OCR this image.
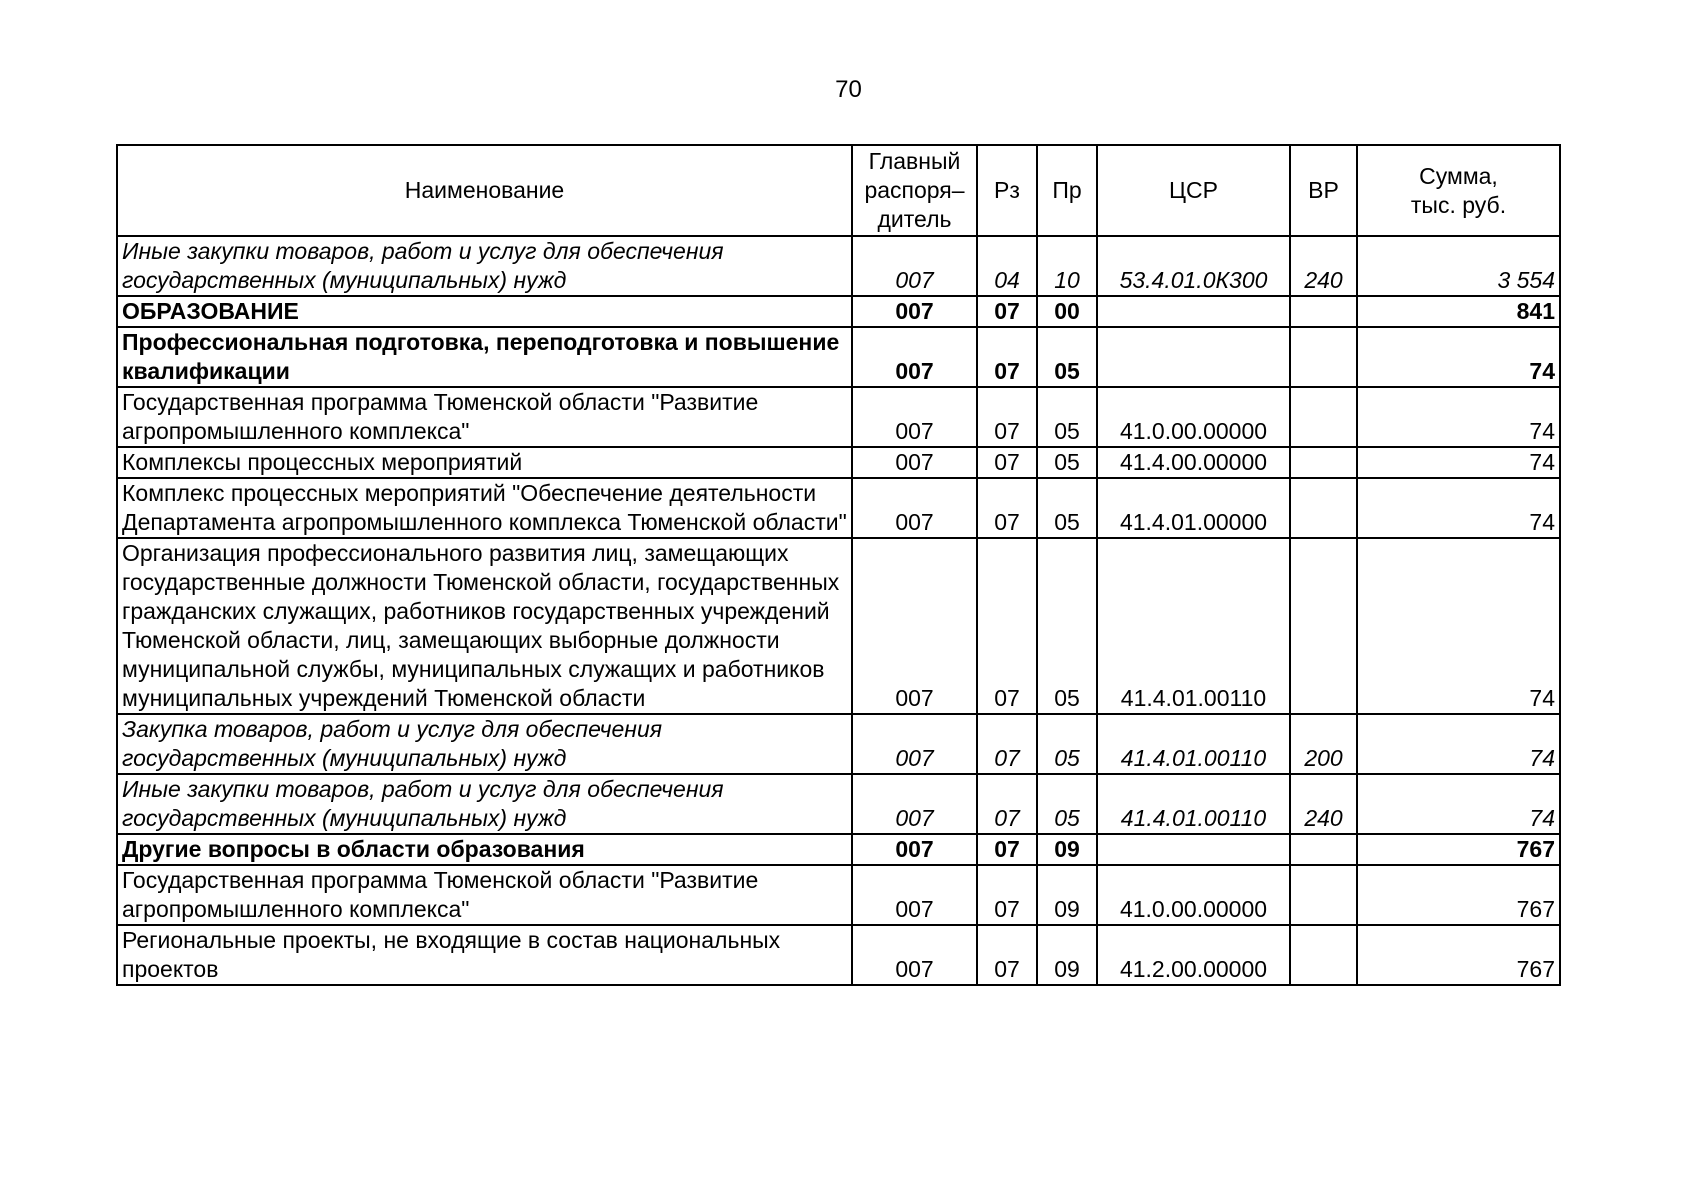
70
Наименование	Главный
распоря–
дитель	Рз	Пр	ЦСР	ВР	Сумма,
тыс. руб.
Иные закупки товаров, работ и услуг для обеспечения государственных (муниципальных) нужд	007	04	10	53.4.01.0К300	240	3 554
ОБРАЗОВАНИЕ	007	07	00			841
Профессиональная подготовка, переподготовка и повышение квалификации	007	07	05			74
Государственная программа Тюменской области "Развитие агропромышленного комплекса"	007	07	05	41.0.00.00000		74
Комплексы процессных мероприятий	007	07	05	41.4.00.00000		74
Комплекс процессных мероприятий "Обеспечение деятельности Департамента агропромышленного комплекса Тюменской области"	007	07	05	41.4.01.00000		74
Организация профессионального развития лиц, замещающих государственные должности Тюменской области, государственных гражданских служащих, работников государственных учреждений Тюменской области, лиц, замещающих выборные должности муниципальной службы, муниципальных служащих и работников муниципальных учреждений Тюменской области	007	07	05	41.4.01.00110		74
Закупка товаров, работ и услуг для обеспечения государственных (муниципальных) нужд	007	07	05	41.4.01.00110	200	74
Иные закупки товаров, работ и услуг для обеспечения государственных (муниципальных) нужд	007	07	05	41.4.01.00110	240	74
Другие вопросы в области образования	007	07	09			767
Государственная программа Тюменской области "Развитие агропромышленного комплекса"	007	07	09	41.0.00.00000		767
Региональные проекты, не входящие в состав национальных проектов	007	07	09	41.2.00.00000		767
